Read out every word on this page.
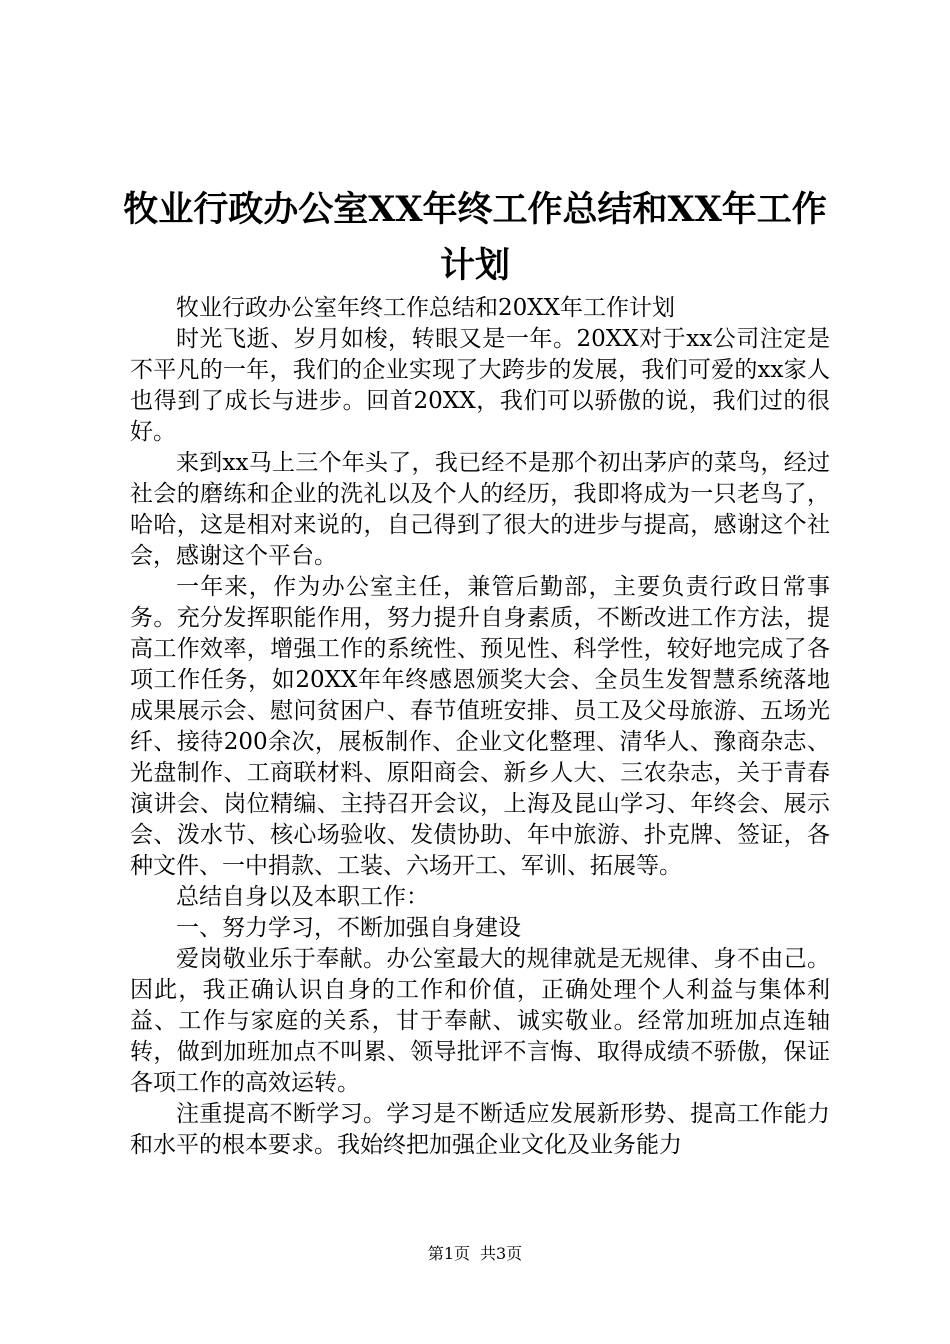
牧业行政办公室XX年终工作总结和XX年工作计划

牧业行政办公室年终工作总结和20XX年工作计划

时光飞逝、岁月如梭，转眼又是一年。20XX对于xx公司注定是不平凡的一年，我们的企业实现了大跨步的发展，我们可爱的xx家人也得到了成长与进步。回首20XX，我们可以骄傲的说，我们过的很好。

来到xx马上三个年头了，我已经不是那个初出茅庐的菜鸟，经过社会的磨练和企业的洗礼以及个人的经历，我即将成为一只老鸟了，哈哈，这是相对来说的，自己得到了很大的进步与提高，感谢这个社会，感谢这个平台。

一年来，作为办公室主任，兼管后勤部，主要负责行政日常事务。充分发挥职能作用，努力提升自身素质，不断改进工作方法，提高工作效率，增强工作的系统性、预见性、科学性，较好地完成了各项工作任务，如20XX年年终感恩颁奖大会、全员生发智慧系统落地成果展示会、慰问贫困户、春节值班安排、员工及父母旅游、五场光纤、接待200余次，展板制作、企业文化整理、清华人、豫商杂志、光盘制作、工商联材料、原阳商会、新乡人大、三农杂志，关于青春演讲会、岗位精编、主持召开会议，上海及昆山学习、年终会、展示会、泼水节、核心场验收、发债协助、年中旅游、扑克牌、签证，各种文件、一中捐款、工装、六场开工、军训、拓展等。

总结自身以及本职工作：

一、努力学习，不断加强自身建设

爱岗敬业乐于奉献。办公室最大的规律就是无规律、身不由己。因此，我正确认识自身的工作和价值，正确处理个人利益与集体利益、工作与家庭的关系，甘于奉献、诚实敬业。经常加班加点连轴转，做到加班加点不叫累、领导批评不言悔、取得成绩不骄傲，保证各项工作的高效运转。

注重提高不断学习。学习是不断适应发展新形势、提高工作能力和水平的根本要求。我始终把加强企业文化及业务能力

第1页 共3页
